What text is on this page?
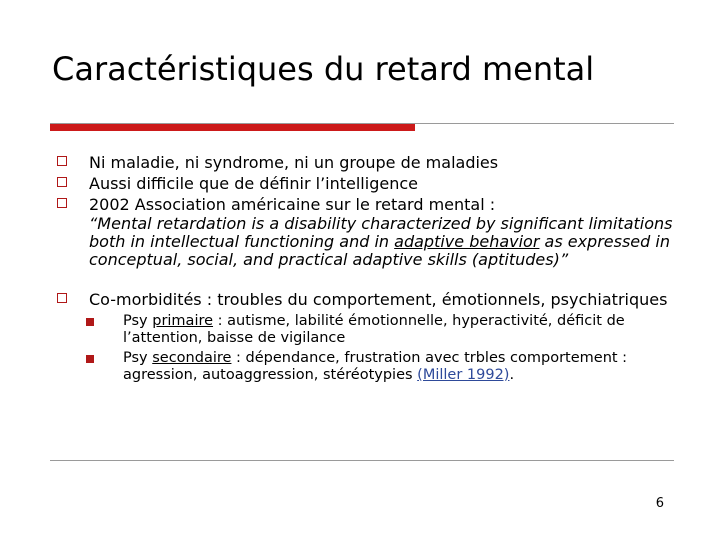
Caractéristiques du retard mental
Ni maladie, ni syndrome, ni un groupe de maladies
Aussi difficile que de définir l’intelligence
2002 Association américaine sur le retard mental :
“Mental retardation is a disability characterized by significant limitations both in intellectual functioning and in adaptive behavior as expressed in conceptual, social, and practical adaptive skills (aptitudes)”
Co-morbidités : troubles du comportement, émotionnels, psychiatriques
Psy primaire : autisme, labilité émotionnelle, hyperactivité, déficit de l’attention, baisse de vigilance
Psy secondaire : dépendance, frustration avec trbles comportement : agression, autoaggression, stéréotypies (Miller 1992).
6
